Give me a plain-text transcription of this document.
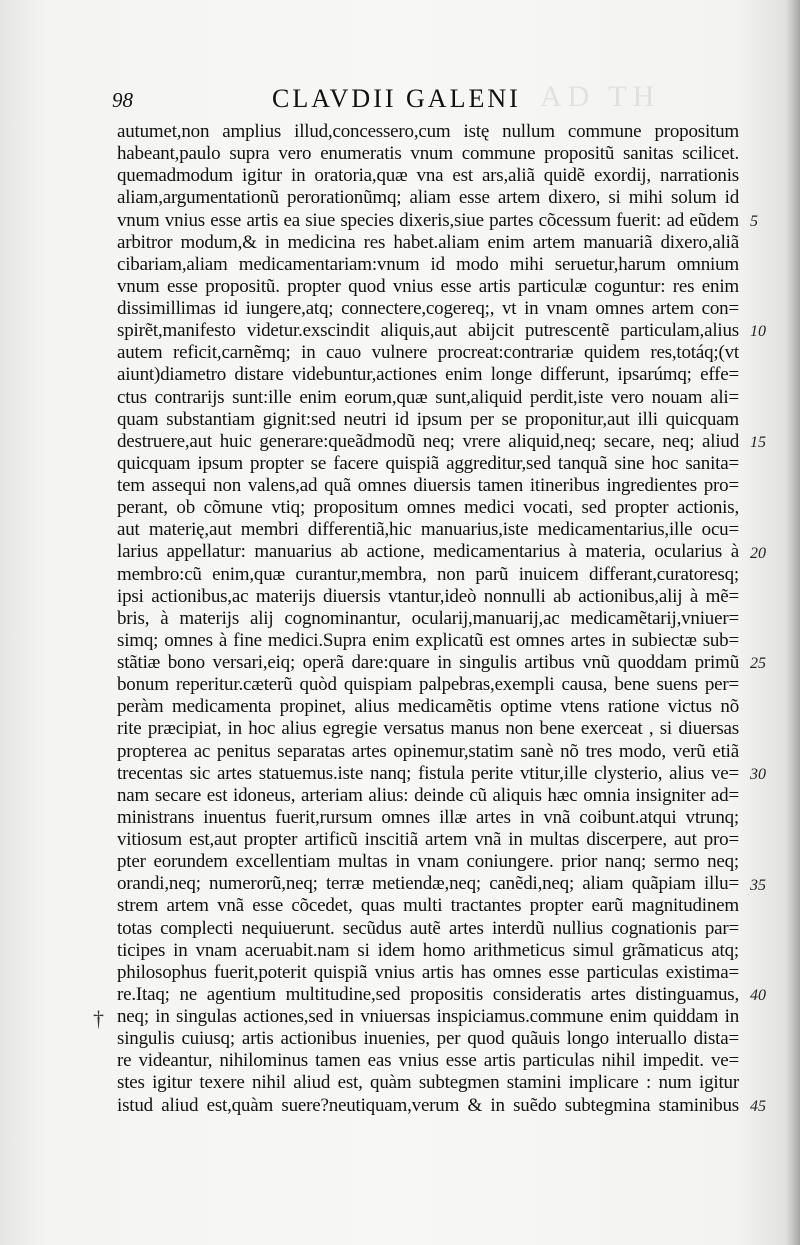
AD TH
98	CLAVDII GALENI
autumet,non amplius illud,concessero,cum istę nullum commune propositum
habeant,paulo supra vero enumeratis vnum commune propositũ sanitas scilicet.
quemadmodum igitur in oratoria,quæ vna est ars,aliã quidẽ exordij, narrationis
aliam,argumentationũ perorationũmq; aliam esse artem dixero, si mihi solum id
vnum vnius esse artis ea siue species dixeris,siue partes cõcessum fuerit: ad eũdem
arbitror modum,& in medicina res habet.aliam enim artem manuariã dixero,aliã
cibariam,aliam medicamentariam:vnum id modo mihi seruetur,harum omnium
vnum esse propositũ. propter quod vnius esse artis particulæ coguntur: res enim
dissimillimas id iungere,atq; connectere,cogereq;, vt in vnam omnes artem con=
spirẽt,manifesto videtur.exscindit aliquis,aut abijcit putrescentẽ particulam,alius
autem reficit,carnẽmq; in cauo vulnere procreat:contrariæ quidem res,totáq;(vt
aiunt)diametro distare videbuntur,actiones enim longe differunt, ipsarúmq; effe=
ctus contrarijs sunt:ille enim eorum,quæ sunt,aliquid perdit,iste vero nouam ali=
quam substantiam gignit:sed neutri id ipsum per se proponitur,aut illi quicquam
destruere,aut huic generare:queãdmodũ neq; vrere aliquid,neq; secare, neq; aliud
quicquam ipsum propter se facere quispiã aggreditur,sed tanquã sine hoc sanita=
tem assequi non valens,ad quã omnes diuersis tamen itineribus ingredientes pro=
perant, ob cõmune vtiq; propositum omnes medici vocati, sed propter actionis,
aut materię,aut membri differentiã,hic manuarius,iste medicamentarius,ille ocu=
larius appellatur: manuarius ab actione, medicamentarius à materia, ocularius à
membro:cũ enim,quæ curantur,membra, non parũ inuicem differant,curatoresq;
ipsi actionibus,ac materijs diuersis vtantur,ideò nonnulli ab actionibus,alij à mẽ=
bris, à materijs alij cognominantur, ocularij,manuarij,ac medicamẽtarij,vniuer=
simq; omnes à fine medici.Supra enim explicatũ est omnes artes in subiectæ sub=
stãtiæ bono versari,eiq; operã dare:quare in singulis artibus vnũ quoddam primũ
bonum reperitur.cæterũ quòd quispiam palpebras,exempli causa, bene suens per=
peràm medicamenta propinet, alius medicamẽtis optime vtens ratione victus nõ
rite præcipiat, in hoc alius egregie versatus manus non bene exerceat , si diuersas
propterea ac penitus separatas artes opinemur,statim sanè nõ tres modo, verũ etiã
trecentas sic artes statuemus.iste nanq; fistula perite vtitur,ille clysterio, alius ve=
nam secare est idoneus, arteriam alius: deinde cũ aliquis hæc omnia insigniter ad=
ministrans inuentus fuerit,rursum omnes illæ artes in vnã coibunt.atqui vtrunq;
vitiosum est,aut propter artificũ inscitiã artem vnã in multas discerpere, aut pro=
pter eorundem excellentiam multas in vnam coniungere. prior nanq; sermo neq;
orandi,neq; numerorũ,neq; terræ metiendæ,neq; canẽdi,neq; aliam quãpiam illu=
strem artem vnã esse cõcedet, quas multi tractantes propter earũ magnitudinem
totas complecti nequiuerunt. secũdus autẽ artes interdũ nullius cognationis par=
ticipes in vnam aceruabit.nam si idem homo arithmeticus simul grãmaticus atq;
philosophus fuerit,poterit quispiã vnius artis has omnes esse particulas existima=
re.Itaq; ne agentium multitudine,sed propositis consideratis artes distinguamus,
neq; in singulas actiones,sed in vniuersas inspiciamus.commune enim quiddam in
singulis cuiusq; artis actionibus inuenies, per quod quãuis longo interuallo dista=
re videantur, nihilominus tamen eas vnius esse artis particulas nihil impedit. ve=
stes igitur texere nihil aliud est, quàm subtegmen stamini implicare : num igitur
istud aliud est,quàm suere?neutiquam,verum & in suẽdo subtegmina staminibus
5
10
15
20
25
30
35
40
45
†
